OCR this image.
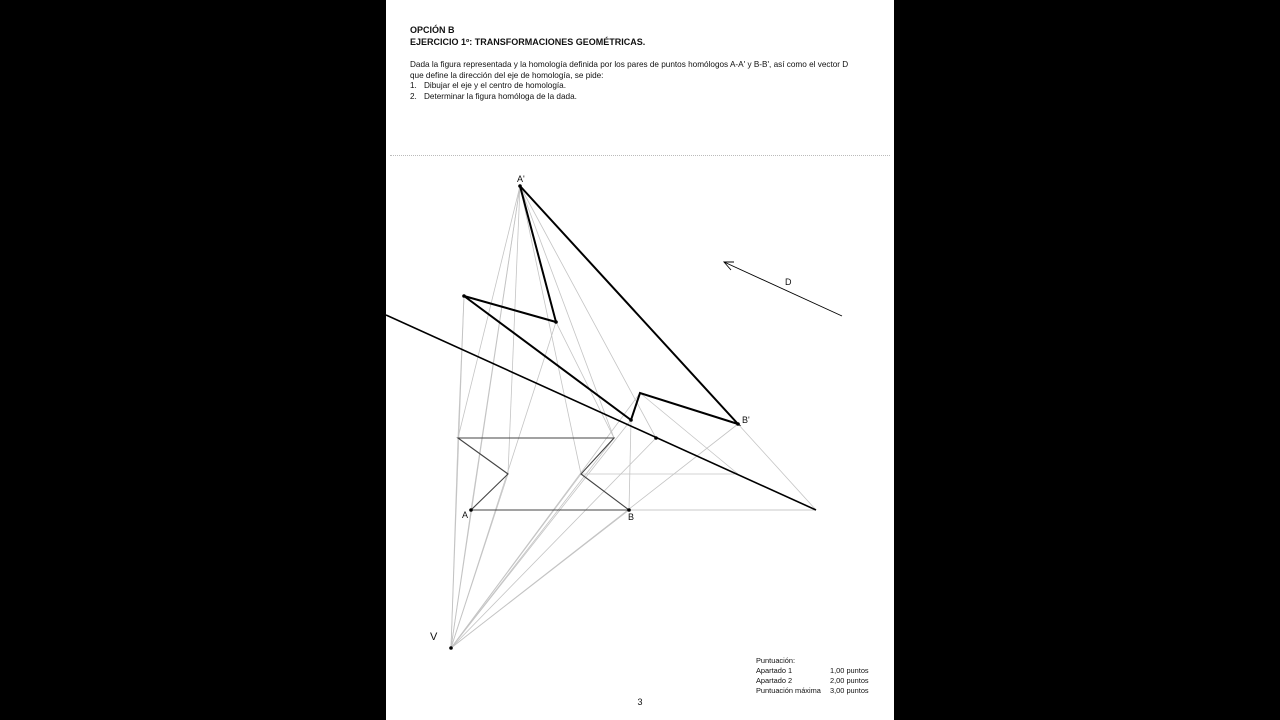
OPCIÓN B
EJERCICIO 1º: TRANSFORMACIONES GEOMÉTRICAS.
Dada la figura representada y la homología definida por los pares de puntos homólogos A-A' y B-B', así como el vector D
que define la dirección del eje de homología, se pide:
1. Dibujar el eje y el centro de homología.
2. Determinar la figura homóloga de la dada.
A'
B'
A	B
V
D
Puntuación:
Apartado 1	1,00 puntos
Apartado 2	2,00 puntos
Puntuación máxima	3,00 puntos
3
